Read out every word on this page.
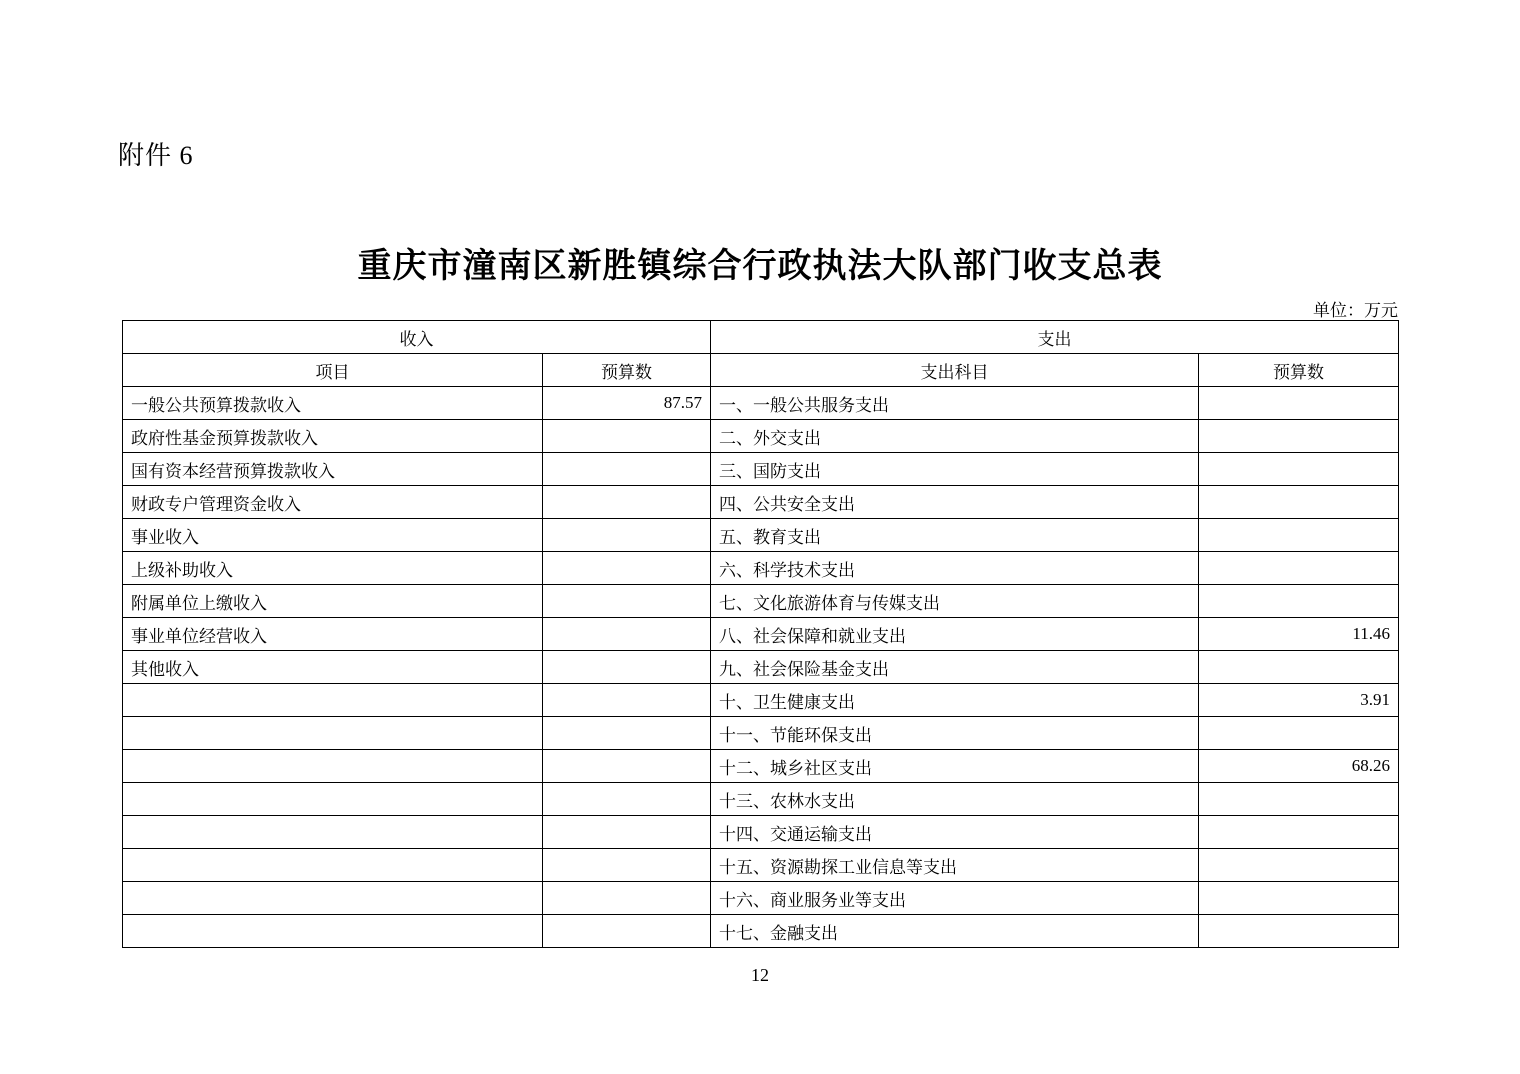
附件 6
重庆市潼南区新胜镇综合行政执法大队部门收支总表
单位：万元
收入		支出	
项目	预算数	支出科目	预算数
一般公共预算拨款收入	87.57	一、一般公共服务支出	
政府性基金预算拨款收入		二、外交支出	
国有资本经营预算拨款收入		三、国防支出	
财政专户管理资金收入		四、公共安全支出	
事业收入		五、教育支出	
上级补助收入		六、科学技术支出	
附属单位上缴收入		七、文化旅游体育与传媒支出	
事业单位经营收入		八、社会保障和就业支出	11.46
其他收入		九、社会保险基金支出	
		十、卫生健康支出	3.91
		十一、节能环保支出	
		十二、城乡社区支出	68.26
		十三、农林水支出	
		十四、交通运输支出	
		十五、资源勘探工业信息等支出	
		十六、商业服务业等支出	
		十七、金融支出	
12
